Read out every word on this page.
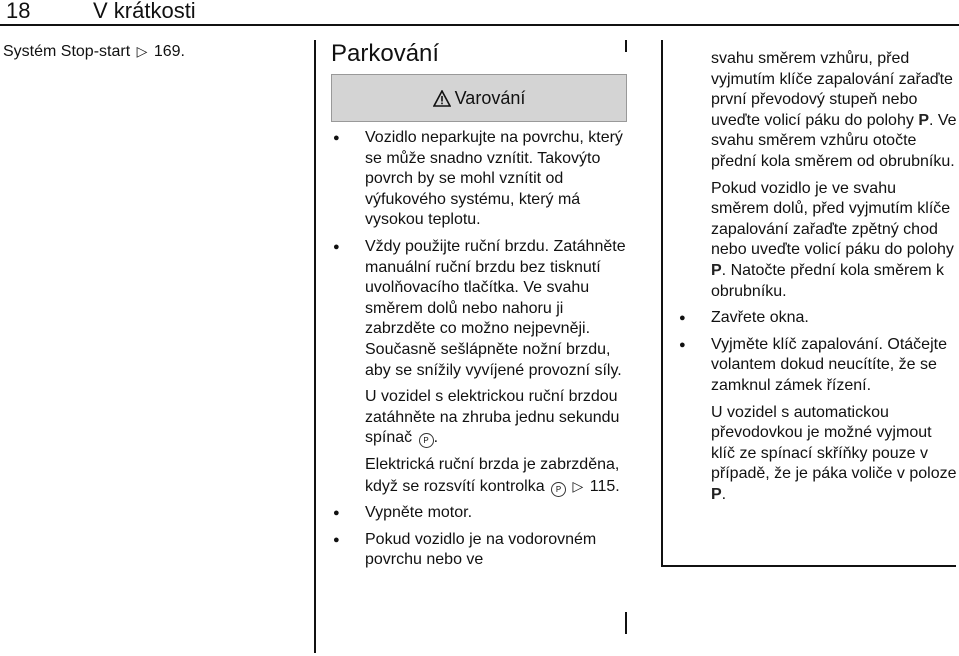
18	V krátkosti
Systém Stop-start ▷ 169.	Parkování
Varování
● Vozidlo neparkujte na povrchu, který se může snadno vznítit. Takovýto povrch by se mohl vznítit od výfukového systému, který má vysokou teplotu.
● Vždy použijte ruční brzdu. Zatáhněte manuální ruční brzdu bez tisknutí uvolňovacího tlačítka. Ve svahu směrem dolů nebo nahoru ji zabrzděte co možno nejpevněji. Současně sešlápněte nožní brzdu, aby se snížily vyvíjené provozní síly.

U vozidel s elektrickou ruční brzdou zatáhněte na zhruba jednu sekundu spínač P .

Elektrická ruční brzda je zabrzděna, když se rozsvítí kontrolka P ▷ 115.

● Vypněte motor.
● Pokud vozidlo je na vodorovném povrchu nebo ve

svahu směrem vzhůru, před vyjmutím klíče zapalování zařaďte první převodový stupeň nebo uveďte volicí páku do polohy P. Ve svahu směrem vzhůru otočte přední kola směrem od obrubníku.

Pokud vozidlo je ve svahu směrem dolů, před vyjmutím klíče zapalování zařaďte zpětný chod nebo uveďte volicí páku do polohy P. Natočte přední kola směrem k obrubníku.

● Zavřete okna.
● Vyjměte klíč zapalování. Otáčejte volantem dokud neucítíte, že se zamknul zámek řízení.

U vozidel s automatickou převodovkou je možné vyjmout klíč ze spínací skříňky pouze v případě, že je páka voliče v poloze P.
